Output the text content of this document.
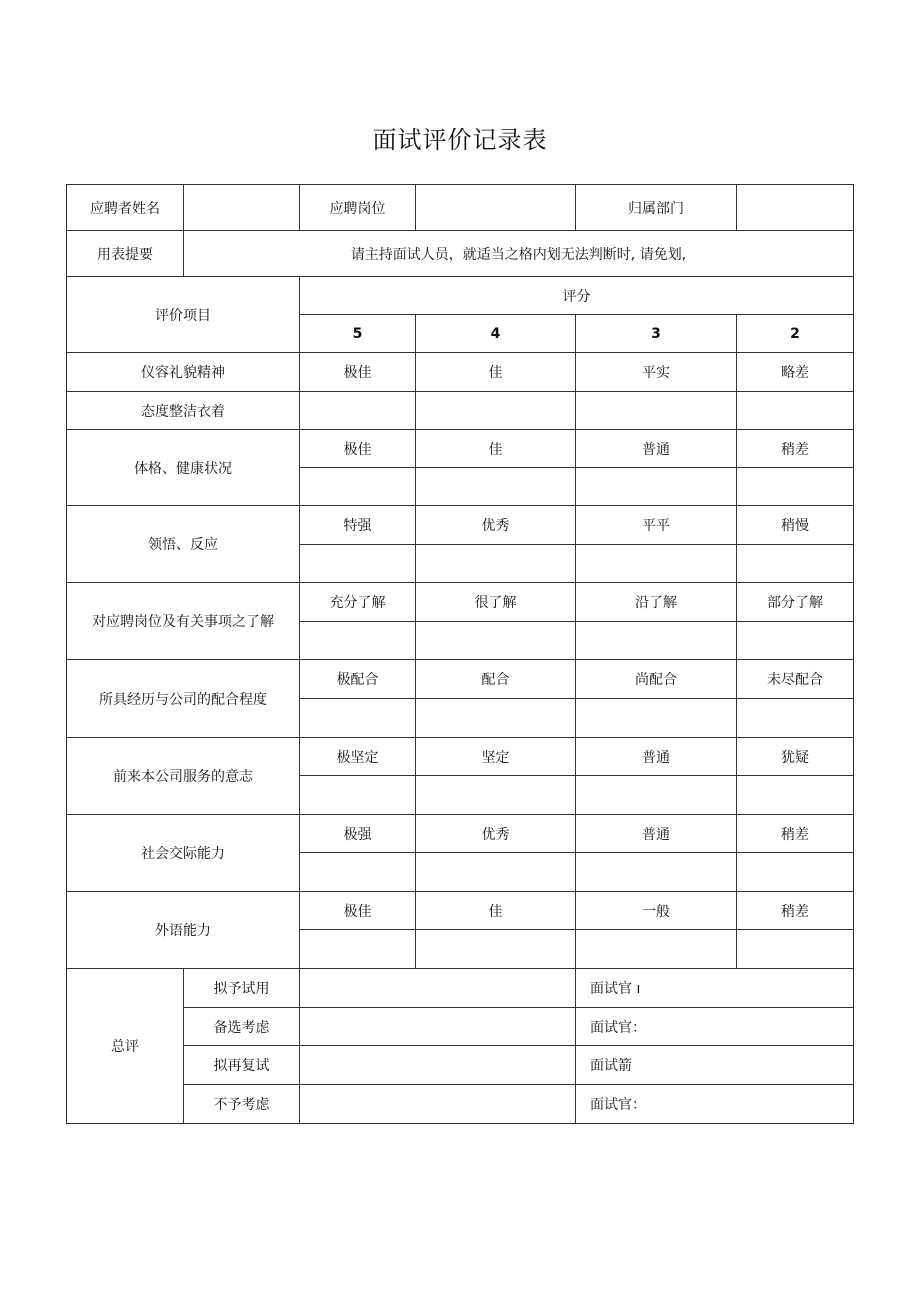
面试评价记录表
应聘者姓名		应聘岗位		归属部门		
用表提要	请主持面试人员，就适当之格内划无法判断时, 请免划,					
评价项目		评分				
		5	4	3	2	
仪容礼貌精神		极佳	佳	平实	略差	
态度整洁衣着						
体格、健康状况		极佳	佳	普通	稍差	

领悟、反应		特强	优秀	平平	稍慢	

对应聘岗位及有关事项之了解		充分了解	很了解	沿了解	部分了解	

所具经历与公司的配合程度		极配合	配合	尚配合	未尽配合	

前来本公司服务的意志		极坚定	坚定	普通	犹疑	

社会交际能力		极强	优秀	普通	稍差	

外语能力		极佳	佳	一般	稍差	

总评	拟予试用			面试官 ı		
	备选考虑			面试官：		
	拟再复试			面试箭		
	不予考虑			面试官：		
